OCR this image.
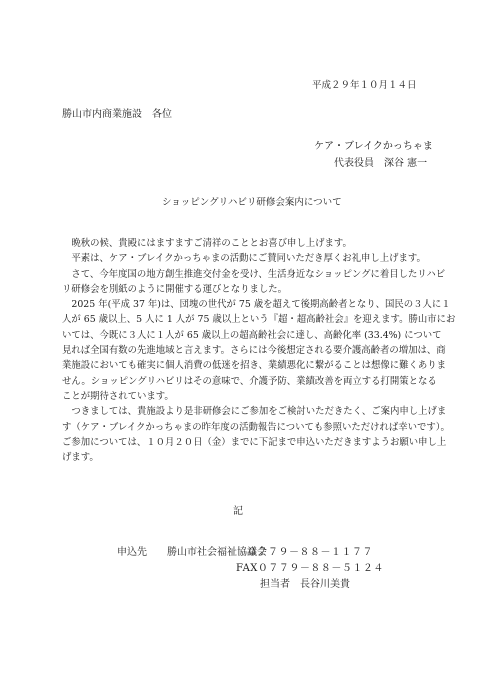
平成２９年１０月１４日
勝山市内商業施設　各位
ケア・ブレイクかっちゃま
代表役員　深谷 憲一
ショッピングリハビリ研修会案内について
　晩秋の候、貴殿にはますますご清祥のこととお喜び申し上げます。
　平素は、ケア・ブレイクかっちゃまの活動にご賛同いただき厚くお礼申し上げます。
　さて、今年度国の地方創生推進交付金を受け、生活身近なショッピングに着目したリハビ
リ研修会を別紙のように開催する運びとなりました。
　2025 年(平成 37 年)は、団塊の世代が 75 歳を超えて後期高齢者となり、国民の３人に１
人が 65 歳以上、5 人に 1 人が 75 歳以上という『超・超高齢社会』を迎えます。勝山市にお
いては、今既に３人に１人が 65 歳以上の超高齢社会に達し、高齢化率 (33.4%) について
見れば全国有数の先進地域と言えます。さらには今後想定される要介護高齢者の増加は、商
業施設においても確実に個人消費の低迷を招き、業績悪化に繋がることは想像に難くありま
せん。ショッピングリハビリはその意味で、介護予防、業績改善を両立する打開策となる
ことが期待されています。
　つきましては、貴施設より是非研修会にご参加をご検討いただきたく、ご案内申し上げま
す（ケア・ブレイクかっちゃまの昨年度の活動報告についても参照いただければ幸いです）。
ご参加については、１０月２０日（金）までに下記まで申込いただきますようお願い申し上
げます。
記
申込先 勝山市社会福祉協議会
０７７９－８８－１１７７
FAX０７７９－８８－５１２４
担当者　長谷川美貴
